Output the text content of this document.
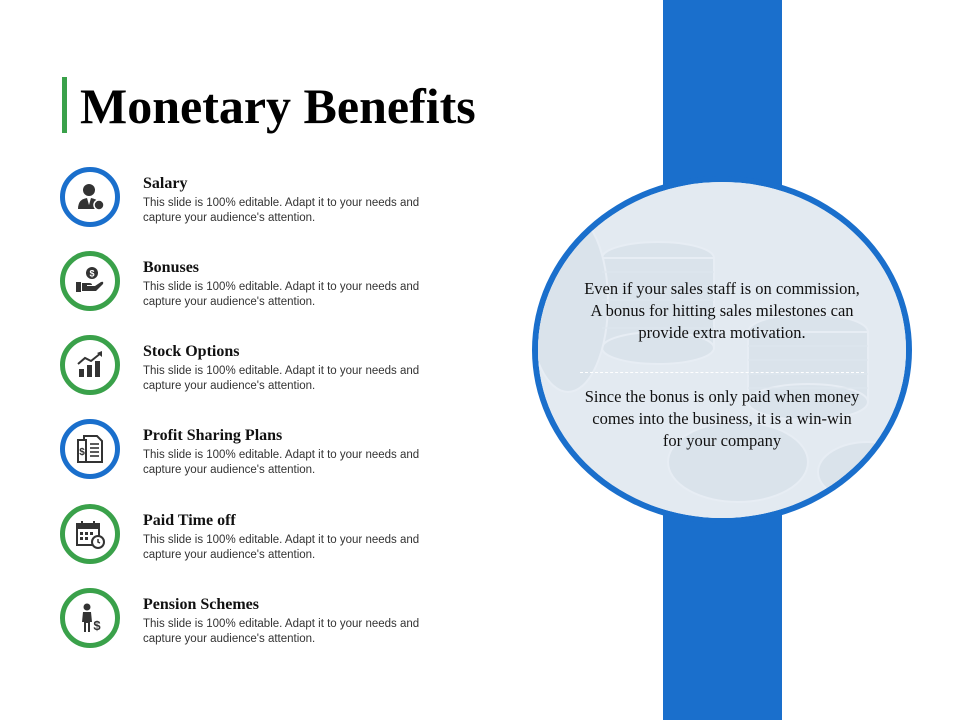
Monetary Benefits

Even if your sales staff is on commission, A bonus for hitting sales milestones can provide extra motivation.

Since the bonus is only paid when money comes into the business, it is a win-win for your company

Salary

This slide is 100% editable. Adapt it to your needs and capture your audience's attention.

$	Bonuses

This slide is 100% editable. Adapt it to your needs and capture your audience's attention.

Stock Options

This slide is 100% editable. Adapt it to your needs and capture your audience's attention.

$

Profit Sharing Plans

This slide is 100% editable. Adapt it to your needs and capture your audience's attention.

Paid Time off

This slide is 100% editable. Adapt it to your needs and capture your audience's attention.

$

Pension Schemes

This slide is 100% editable. Adapt it to your needs and capture your audience's attention.
